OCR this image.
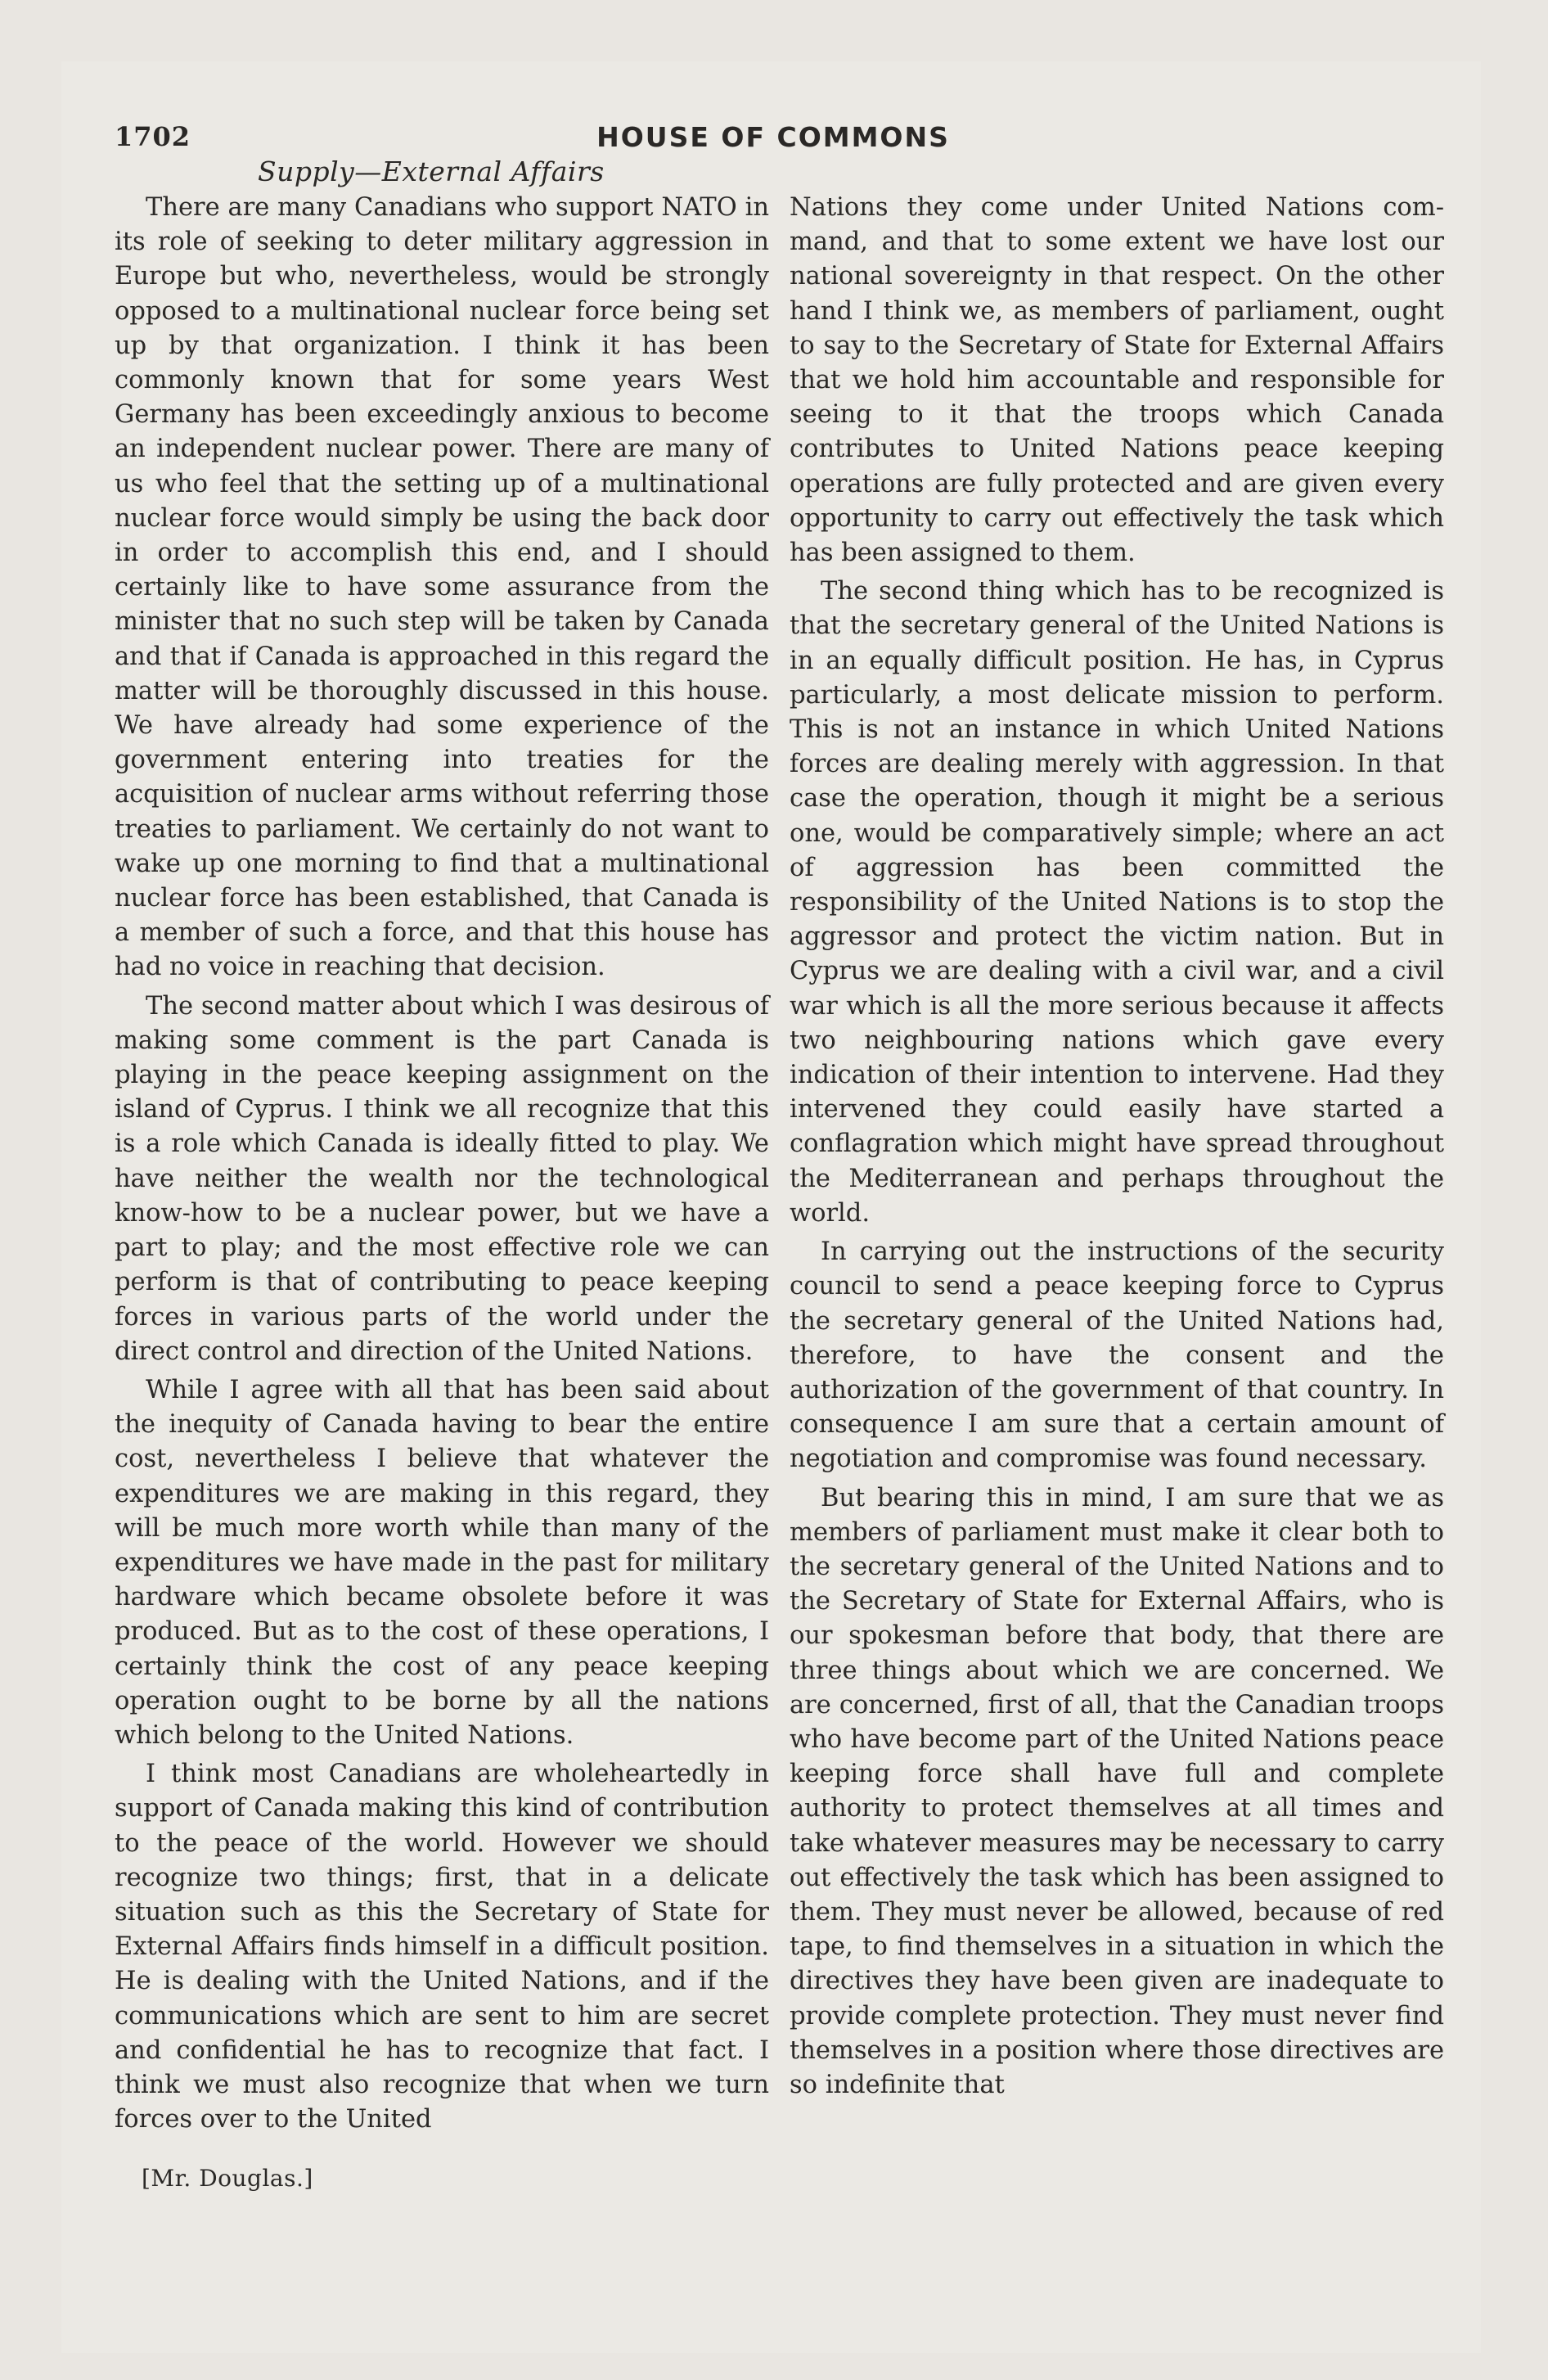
1702	HOUSE OF COMMONS
Supply—External Affairs

There are many Canadians who support NATO in its role of seeking to deter military aggression in Europe but who, nevertheless, would be strongly opposed to a multinational nuclear force being set up by that organization. I think it has been commonly known that for some years West Germany has been exceedingly anxious to become an independent nuclear power. There are many of us who feel that the setting up of a multinational nuclear force would simply be using the back door in order to accomplish this end, and I should certainly like to have some assurance from the minister that no such step will be taken by Canada and that if Canada is approached in this regard the matter will be thoroughly discussed in this house. We have already had some experience of the government entering into treaties for the acquisition of nuclear arms without referring those treaties to parliament. We certainly do not want to wake up one morning to find that a multinational nuclear force has been established, that Canada is a member of such a force, and that this house has had no voice in reaching that decision.

The second matter about which I was desirous of making some comment is the part Canada is playing in the peace keeping assignment on the island of Cyprus. I think we all recognize that this is a role which Canada is ideally fitted to play. We have neither the wealth nor the technological know-how to be a nuclear power, but we have a part to play; and the most effective role we can perform is that of contributing to peace keeping forces in various parts of the world under the direct control and direction of the United Nations.

While I agree with all that has been said about the inequity of Canada having to bear the entire cost, nevertheless I believe that whatever the expenditures we are making in this regard, they will be much more worth while than many of the expenditures we have made in the past for military hardware which became obsolete before it was produced. But as to the cost of these operations, I certainly think the cost of any peace keeping operation ought to be borne by all the nations which belong to the United Nations.

I think most Canadians are wholeheartedly in support of Canada making this kind of contribution to the peace of the world. However we should recognize two things; first, that in a delicate situation such as this the Secretary of State for External Affairs finds himself in a difficult position. He is dealing with the United Nations, and if the communications which are sent to him are secret and confidential he has to recognize that fact. I think we must also recognize that when we turn forces over to the United

Nations they come under United Nations command, and that to some extent we have lost our national sovereignty in that respect. On the other hand I think we, as members of parliament, ought to say to the Secretary of State for External Affairs that we hold him accountable and responsible for seeing to it that the troops which Canada contributes to United Nations peace keeping operations are fully protected and are given every opportunity to carry out effectively the task which has been assigned to them.

The second thing which has to be recognized is that the secretary general of the United Nations is in an equally difficult position. He has, in Cyprus particularly, a most delicate mission to perform. This is not an instance in which United Nations forces are dealing merely with aggression. In that case the operation, though it might be a serious one, would be comparatively simple; where an act of aggression has been committed the responsibility of the United Nations is to stop the aggressor and protect the victim nation. But in Cyprus we are dealing with a civil war, and a civil war which is all the more serious because it affects two neighbouring nations which gave every indication of their intention to intervene. Had they intervened they could easily have started a conflagration which might have spread throughout the Mediterranean and perhaps throughout the world.

In carrying out the instructions of the security council to send a peace keeping force to Cyprus the secretary general of the United Nations had, therefore, to have the consent and the authorization of the government of that country. In consequence I am sure that a certain amount of negotiation and compromise was found necessary.

But bearing this in mind, I am sure that we as members of parliament must make it clear both to the secretary general of the United Nations and to the Secretary of State for External Affairs, who is our spokesman before that body, that there are three things about which we are concerned. We are concerned, first of all, that the Canadian troops who have become part of the United Nations peace keeping force shall have full and complete authority to protect themselves at all times and take whatever measures may be necessary to carry out effectively the task which has been assigned to them. They must never be allowed, because of red tape, to find themselves in a situation in which the directives they have been given are inadequate to provide complete protection. They must never find themselves in a position where those directives are so indefinite that

[Mr. Douglas.]
